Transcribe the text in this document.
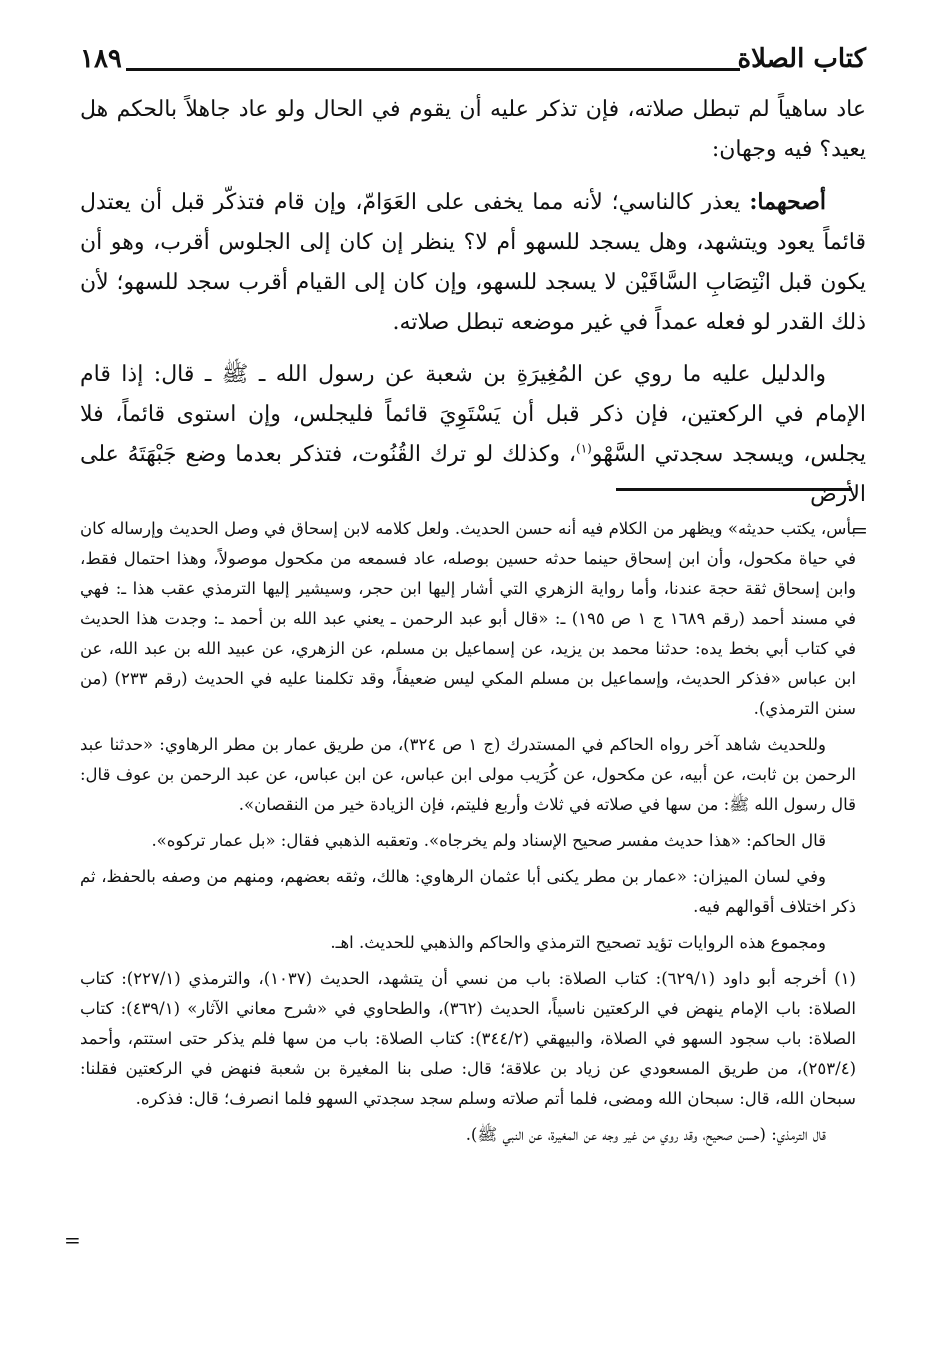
كتاب الصلاة
١٨٩

عاد ساهياً لم تبطل صلاته، فإن تذكر عليه أن يقوم في الحال ولو عاد جاهلاً بالحكم هل يعيد؟ فيه وجهان:

أصحهما: يعذر كالناسي؛ لأنه مما يخفى على العَوَامّ، وإن قام فتذكّر قبل أن يعتدل قائماً يعود ويتشهد، وهل يسجد للسهو أم لا؟ ينظر إن كان إلى الجلوس أقرب، وهو أن يكون قبل انْتِصَابِ السَّاقَيْن لا يسجد للسهو، وإن كان إلى القيام أقرب سجد للسهو؛ لأن ذلك القدر لو فعله عمداً في غير موضعه تبطل صلاته.

والدليل عليه ما روي عن المُغِيرَةِ بن شعبة عن رسول الله ـ ﷺ ـ قال: إذا قام الإمام في الركعتين، فإن ذكر قبل أن يَسْتَوِيَ قائماً فليجلس، وإن استوى قائماً، فلا يجلس، ويسجد سجدتي السَّهْو$^{(١)}$، وكذلك لو ترك القُنُوت، فتذكر بعدما وضع جَبْهَتَهُ على الأرض

=

بأس، يكتب حديثه» ويظهر من الكلام فيه أنه حسن الحديث. ولعل كلامه لابن إسحاق في وصل الحديث وإرساله كان في حياة مكحول، وأن ابن إسحاق حينما حدثه حسين بوصله، عاد فسمعه من مكحول موصولاً، وهذا احتمال فقط، وابن إسحاق ثقة حجة عندنا، وأما رواية الزهري التي أشار إليها ابن حجر، وسيشير إليها الترمذي عقب هذا ـ: فهي في مسند أحمد (رقم ١٦٨٩ ج ١ ص ١٩٥) ـ: «قال أبو عبد الرحمن ـ يعني عبد الله بن أحمد ـ: وجدت هذا الحديث في كتاب أبي بخط يده: حدثنا محمد بن يزيد، عن إسماعيل بن مسلم، عن الزهري، عن عبيد الله بن عبد الله، عن ابن عباس «فذكر الحديث، وإسماعيل بن مسلم المكي ليس ضعيفاً، وقد تكلمنا عليه في الحديث (رقم ٢٣٣) (من سنن الترمذي).

وللحديث شاهد آخر رواه الحاكم في المستدرك (ج ١ ص ٣٢٤)، من طريق عمار بن مطر الرهاوي: «حدثنا عبد الرحمن بن ثابت، عن أبيه، عن مكحول، عن كُرَيب مولى ابن عباس، عن ابن عباس، عن عبد الرحمن بن عوف قال: قال رسول الله ﷺ: من سها في صلاته في ثلاث وأربع فليتم، فإن الزيادة خير من النقصان».

قال الحاكم: «هذا حديث مفسر صحيح الإسناد ولم يخرجاه». وتعقبه الذهبي فقال: «بل عمار تركوه».

وفي لسان الميزان: «عمار بن مطر يكنى أبا عثمان الرهاوي: هالك، وثقه بعضهم، ومنهم من وصفه بالحفظ، ثم ذكر اختلاف أقوالهم فيه.

ومجموع هذه الروايات تؤيد تصحيح الترمذي والحاكم والذهبي للحديث. اهـ.

(١) أخرجه أبو داود (٦٢٩/١): كتاب الصلاة: باب من نسي أن يتشهد، الحديث (١٠٣٧)، والترمذي (٢٢٧/١): كتاب الصلاة: باب الإمام ينهض في الركعتين ناسياً، الحديث (٣٦٢)، والطحاوي في «شرح معاني الآثار» (٤٣٩/١): كتاب الصلاة: باب سجود السهو في الصلاة، والبيهقي (٣٤٤/٢): كتاب الصلاة: باب من سها فلم يذكر حتى استتم، وأحمد (٢٥٣/٤)، من طريق المسعودي عن زياد بن علاقة؛ قال: صلى بنا المغيرة بن شعبة فنهض في الركعتين فقلنا: سبحان الله، قال: سبحان الله ومضى، فلما أتم صلاته وسلم سجد سجدتي السهو فلما انصرف؛ قال: فذكره.

قال الترمذي: (حسن صحيح، وقد روي من غير وجه عن المغيرة، عن النبي ﷺ).

=
